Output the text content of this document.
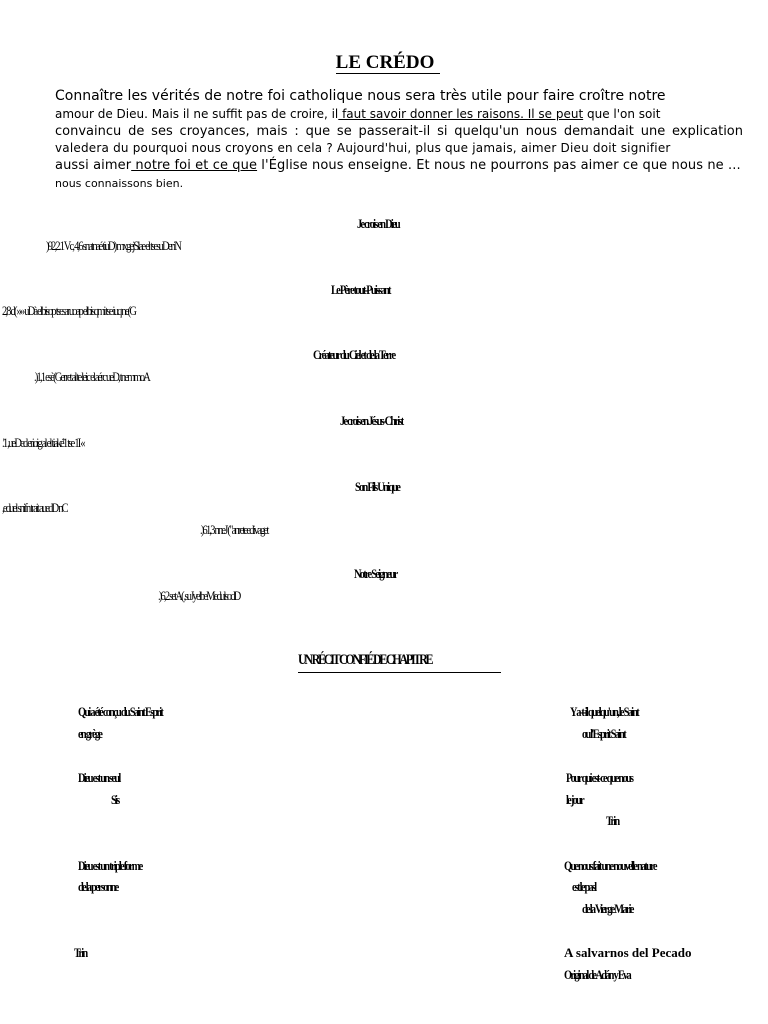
LE CRÉDO

Connaître les vérités de notre foi catholique nous sera très utile pour faire croître notre

amour de Dieu. Mais il ne suffit pas de croire, il faut savoir donner les raisons. Il se peut que l'on soit

convaincu de ses croyances, mais : que se passerait-il si quelqu'un nous demandait une explication

valedera du pourquoi nous croyons en cela ? Aujourd'hui, plus que jamais, aimer Dieu doit signifier

aussi aimer notre foi et ce que l'Église nous enseigne. Et nous ne pourrons pas aimer ce que nous ne ...

nous connaissons bien.

Je crois en Dieu
)92,2.1 Vc, 4,6 snatnaé tiuD) mxgejSlae el tsesuDer iN
Le Père tout-Puissant
2,8 d( »» uDà elbisop tsesaruoap elbisqmi tse iuq ne(G
Créateur du Ciel et de la Terre
.)1,1 esè(Gerret al te leic el aérc ueD, tnemmoA
Je crois en Jésus-Christ
.'1 ,ueDed erioig al el tiaké'1 tse 1I «
Son Fils Unique
,eduel snifn trait auedD nC
.)61,3 nneJ ("anreteedivaget
Notre Seigneur
.)6,2 setA( ,suJyelbeMedulsodD
UN RÉCIT CONFIÉ DE CHAPITRE
Qui a été conçu du Saint Esprit
en grège
Dieu est un seul
Sis
Dieu est un triple forme
de la personne
Trin
Y a-t-il quelqu'un, le Saint
ou l'Esprit Saint
Pour qui est-ce que nous
le jour
Trin
Que nous fait une nouvelle nature
est le pasl
de la Vierge Marie
A salvarnos del Pecado
Original de Adán y Eva
